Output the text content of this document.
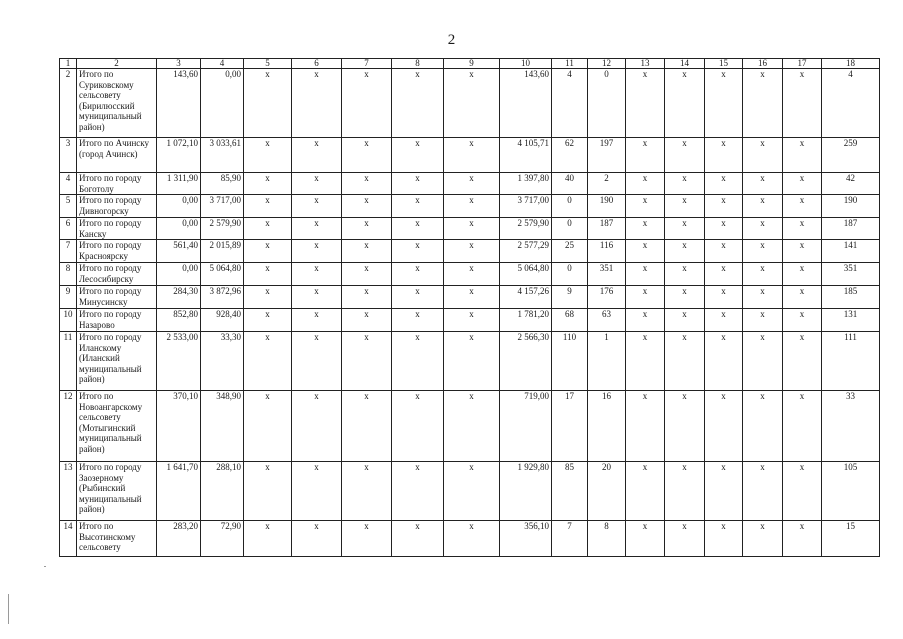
2
1	2	3	4	5	6	7	8	9	10	11	12	13	14	15	16	17	18
2	Итого по Суриковскому сельсовету (Бирилюсский муниципальный район)	143,60	0,00	х	х	х	х	х	143,60	4	0	х	х	х	х	х	4
3	Итого по Ачинску (город Ачинск)	1 072,10	3 033,61	х	х	х	х	х	4 105,71	62	197	х	х	х	х	х	259
4	Итого по городу Боготолу	1 311,90	85,90	х	х	х	х	х	1 397,80	40	2	х	х	х	х	х	42
5	Итого по городу Дивногорску	0,00	3 717,00	х	х	х	х	х	3 717,00	0	190	х	х	х	х	х	190
6	Итого по городу Канску	0,00	2 579,90	х	х	х	х	х	2 579,90	0	187	х	х	х	х	х	187
7	Итого по городу Красноярску	561,40	2 015,89	х	х	х	х	х	2 577,29	25	116	х	х	х	х	х	141
8	Итого по городу Лесосибирску	0,00	5 064,80	х	х	х	х	х	5 064,80	0	351	х	х	х	х	х	351
9	Итого по городу Минусинску	284,30	3 872,96	х	х	х	х	х	4 157,26	9	176	х	х	х	х	х	185
10	Итого по городу Назарово	852,80	928,40	х	х	х	х	х	1 781,20	68	63	х	х	х	х	х	131
11	Итого по городу Иланскому (Иланский муниципальный район)	2 533,00	33,30	х	х	х	х	х	2 566,30	110	1	х	х	х	х	х	111
12	Итого по Новоангарскому сельсовету (Мотыгинский муниципальный район)	370,10	348,90	х	х	х	х	х	719,00	17	16	х	х	х	х	х	33
13	Итого по городу Заозерному (Рыбинский муниципальный район)	1 641,70	288,10	х	х	х	х	х	1 929,80	85	20	х	х	х	х	х	105
14	Итого по Высотинскому сельсовету	283,20	72,90	х	х	х	х	х	356,10	7	8	х	х	х	х	х	15
